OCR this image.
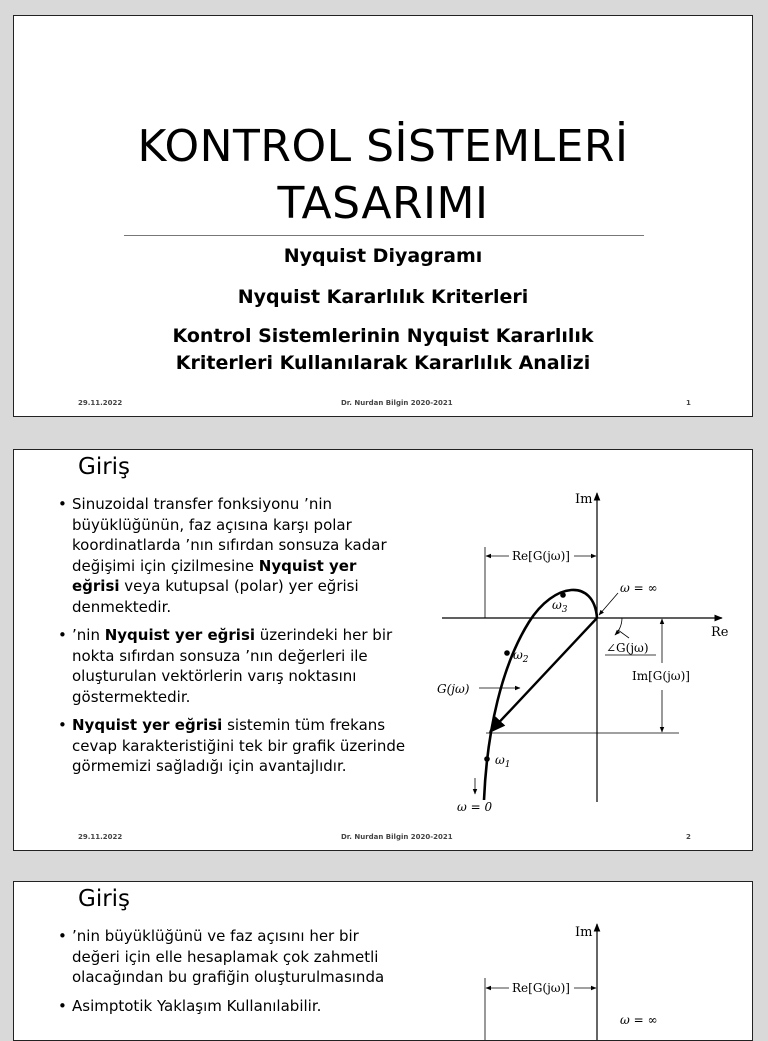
KONTROL SİSTEMLERİ
TASARIMI
Nyquist Diyagramı
Nyquist Kararlılık Kriterleri
Kontrol Sistemlerinin Nyquist Kararlılık
Kriterleri Kullanılarak Kararlılık Analizi
29.11.2022	Dr. Nurdan Bilgin 2020-2021	1
Giriş
• Sinuzoidal transfer fonksiyonu ’nin büyüklüğünün, faz açısına karşı polar koordinatlarda ’nın sıfırdan sonsuza kadar değişimi için çizilmesine Nyquist yer eğrisi veya kutupsal (polar) yer eğrisi denmektedir.
• ’nin Nyquist yer eğrisi üzerindeki her bir nokta sıfırdan sonsuza ’nın değerleri ile oluşturulan vektörlerin varış noktasını göstermektedir.
• Nyquist yer eğrisi sistemin tüm frekans cevap karakteristiğini tek bir grafik üzerinde görmemizi sağladığı için avantajlıdır.
Im
Re
Re[G(jω)]
ω = ∞
$\omega_1$
$\omega_2$
$\omega_3$
∠G(jω)
Im[G(jω)]
G(jω)
ω = 0
29.11.2022	Dr. Nurdan Bilgin 2020-2021	2
Giriş
• ’nin büyüklüğünü ve faz açısını her bir değeri için elle hesaplamak çok zahmetli olacağından bu grafiğin oluşturulmasında
• Asimptotik Yaklaşım Kullanılabilir.
Im
Re[G(jω)]
ω = ∞
